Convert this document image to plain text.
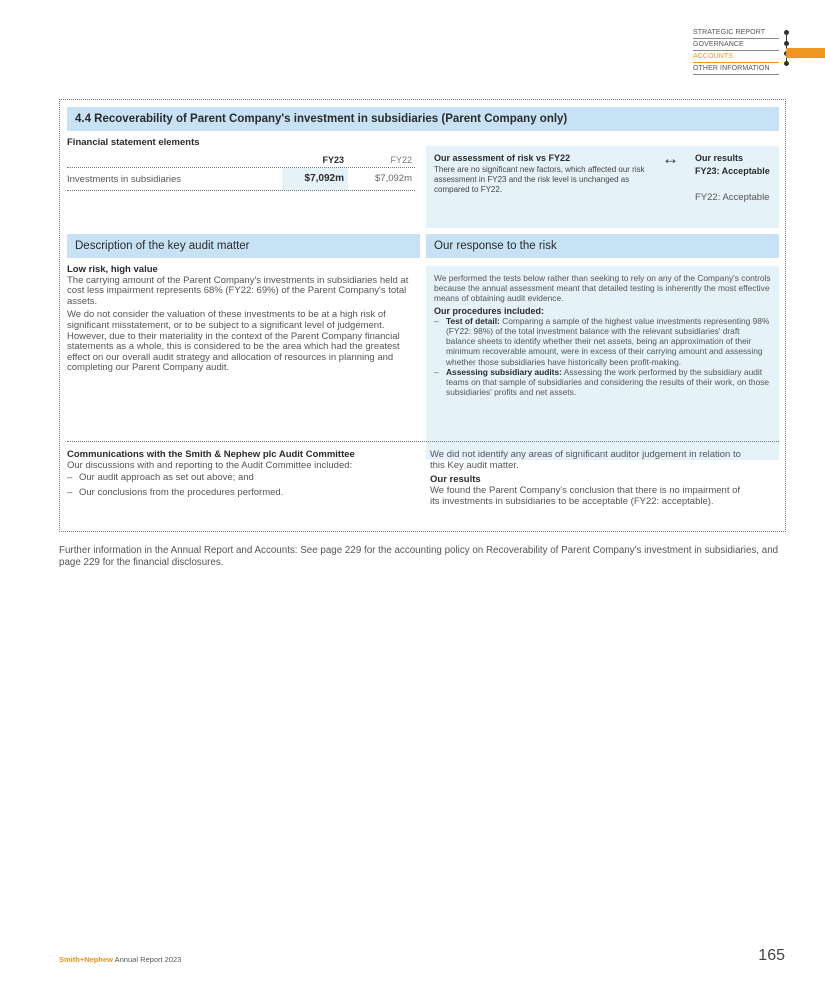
STRATEGIC REPORT
GOVERNANCE
ACCOUNTS
OTHER INFORMATION
4.4 Recoverability of Parent Company's investment in subsidiaries (Parent Company only)
Financial statement elements
FY23	FY22
Investments in subsidiaries	$7,092m	$7,092m
Our assessment of risk vs FY22
There are no significant new factors, which affected our risk assessment in FY23 and the risk level is unchanged as compared to FY22.
↔ Our results
FY23: Acceptable
FY22: Acceptable
Description of the key audit matter	Our response to the risk
Low risk, high value

The carrying amount of the Parent Company's investments in subsidiaries held at cost less impairment represents 68% (FY22: 69%) of the Parent Company's total assets.

We do not consider the valuation of these investments to be at a high risk of significant misstatement, or to be subject to a significant level of judgement. However, due to their materiality in the context of the Parent Company financial statements as a whole, this is considered to be the area which had the greatest effect on our overall audit strategy and allocation of resources in planning and completing our Parent Company audit.

We performed the tests below rather than seeking to rely on any of the Company's controls because the annual assessment meant that detailed testing is inherently the most effective means of obtaining audit evidence.
Our procedures included:
– Test of detail: Comparing a sample of the highest value investments representing 98% (FY22: 98%) of the total investment balance with the relevant subsidiaries' draft balance sheets to identify whether their net assets, being an approximation of their minimum recoverable amount, were in excess of their carrying amount and assessing whether those subsidiaries have historically been profit-making.
– Assessing subsidiary audits: Assessing the work performed by the subsidiary audit teams on that sample of subsidiaries and considering the results of their work, on those subsidiaries' profits and net assets.
Communications with the Smith & Nephew plc Audit Committee
Our discussions with and reporting to the Audit Committee included:
– Our audit approach as set out above; and
– Our conclusions from the procedures performed.

We did not identify any areas of significant auditor judgement in relation to this Key audit matter.

Our results
We found the Parent Company's conclusion that there is no impairment of its investments in subsidiaries to be acceptable (FY22: acceptable).
Further information in the Annual Report and Accounts: See page 229 for the accounting policy on Recoverability of Parent Company's investment in subsidiaries, and page 229 for the financial disclosures.
Smith+Nephew Annual Report 2023	165
